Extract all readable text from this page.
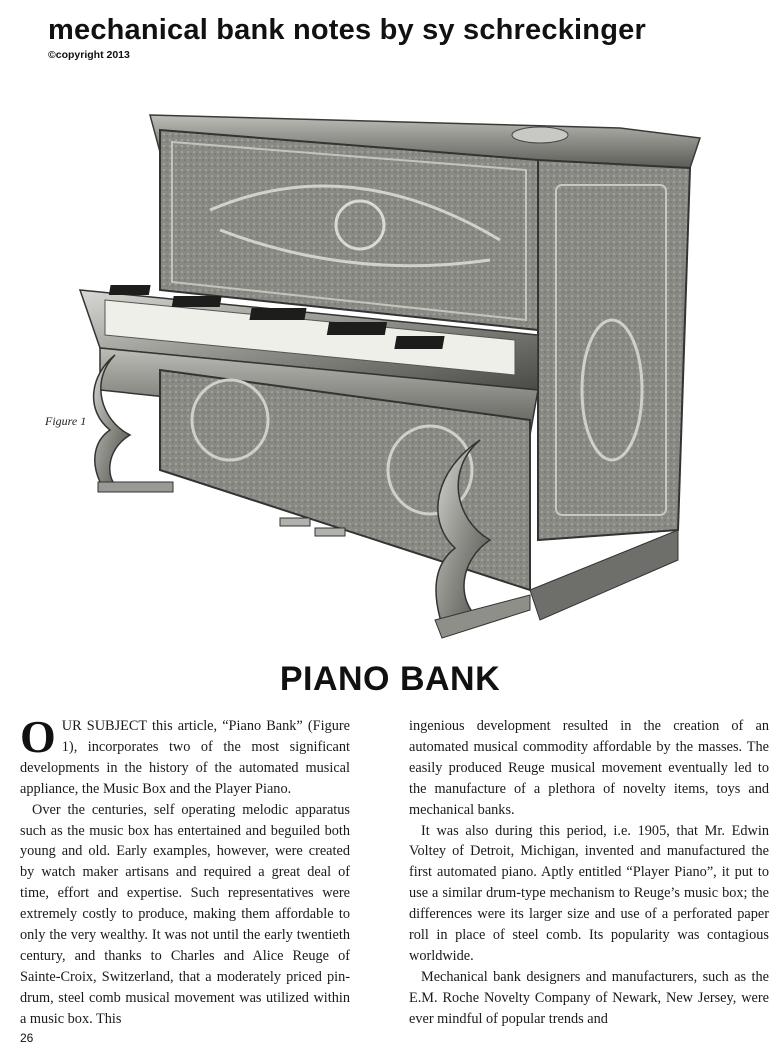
mechanical bank notes by sy schreckinger
©copyright 2013
Figure 1
PIANO BANK

OUR SUBJECT this article, “Piano Bank” (Figure 1), incorporates two of the most significant developments in the history of the automated musical appliance, the Music Box and the Player Piano.

Over the centuries, self operating melodic apparatus such as the music box has entertained and beguiled both young and old. Early examples, however, were created by watch maker artisans and required a great deal of time, effort and expertise. Such representatives were extremely costly to produce, making them affordable to only the very wealthy. It was not until the early twentieth century, and thanks to Charles and Alice Reuge of Sainte-Croix, Switzerland, that a moderately priced pin-drum, steel comb musical movement was utilized within a music box. This

ingenious development resulted in the creation of an automated musical commodity affordable by the masses. The easily produced Reuge musical movement eventually led to the manufacture of a plethora of novelty items, toys and mechanical banks.

It was also during this period, i.e. 1905, that Mr. Edwin Voltey of Detroit, Michigan, invented and manufactured the first automated piano. Aptly entitled “Player Piano”, it put to use a similar drum-type mechanism to Reuge’s music box; the differences were its larger size and use of a perforated paper roll in place of steel comb. Its popularity was contagious worldwide.

Mechanical bank designers and manufacturers, such as the E.M. Roche Novelty Company of Newark, New Jersey, were ever mindful of popular trends and

26
